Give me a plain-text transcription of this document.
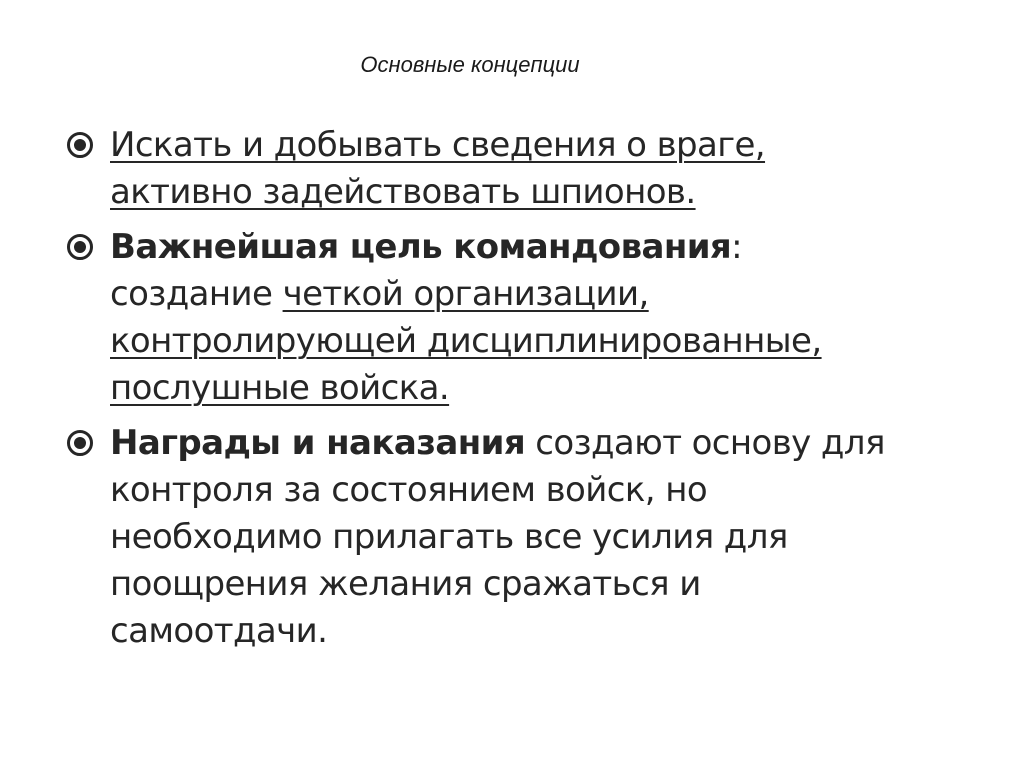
Основные концепции
Искать и добывать сведения о враге,
активно задействовать шпионов.
Важнейшая цель командования:
создание четкой организации,
контролирующей дисциплинированные,
послушные войска.
Награды и наказания создают основу для
контроля за состоянием войск, но
необходимо прилагать все усилия для
поощрения желания сражаться и
самоотдачи.
